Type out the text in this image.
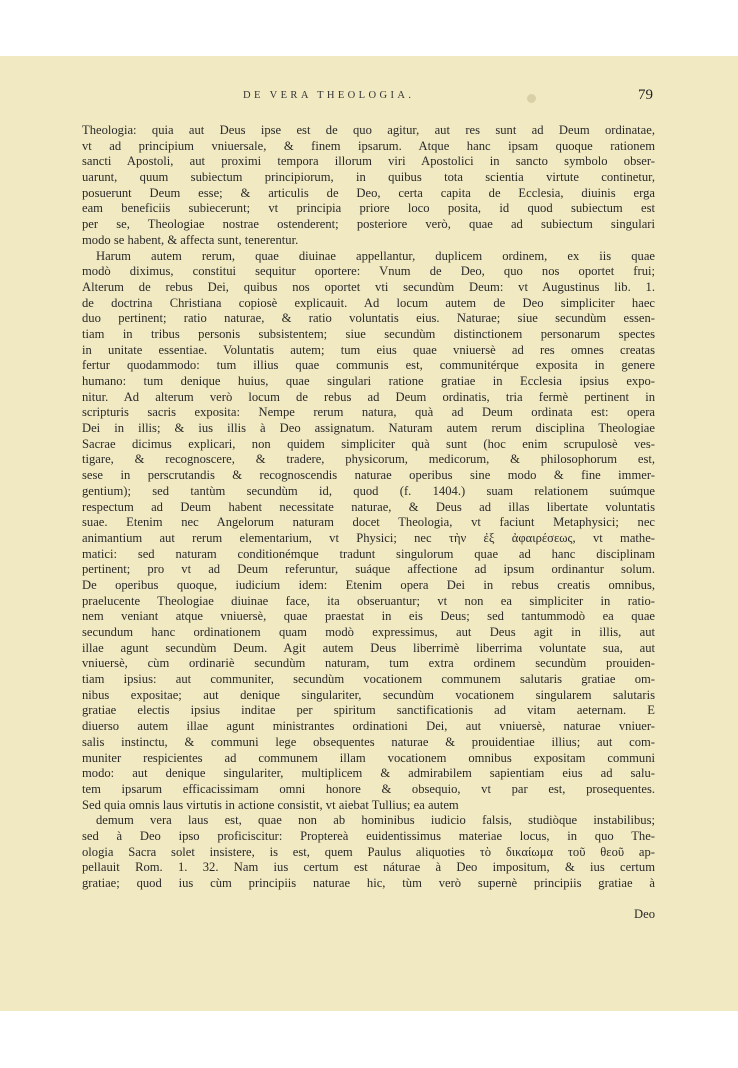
DE VERA THEOLOGIA.	79
Theologia: quia aut Deus ipse est de quo agitur, aut res sunt ad Deum ordinatae,
vt ad principium vniuersale, & finem ipsarum. Atque hanc ipsam quoque rationem
sancti Apostoli, aut proximi tempora illorum viri Apostolici in sancto symbolo obser-
uarunt, quum subiectum principiorum, in quibus tota scientia virtute continetur,
posuerunt Deum esse; & articulis de Deo, certa capita de Ecclesia, diuinis erga
eam beneficiis subiecerunt; vt principia priore loco posita, id quod subiectum est
per se, Theologiae nostrae ostenderent; posteriore verò, quae ad subiectum singulari
modo se habent, & affecta sunt, tenerentur.
Harum autem rerum, quae diuinae appellantur, duplicem ordinem, ex iis quae
modò diximus, constitui sequitur oportere: Vnum de Deo, quo nos oportet frui;
Alterum de rebus Dei, quibus nos oportet vti secundùm Deum: vt Augustinus lib. 1.
de doctrina Christiana copiosè explicauit. Ad locum autem de Deo simpliciter haec
duo pertinent; ratio naturae, & ratio voluntatis eius. Naturae; siue secundùm essen-
tiam in tribus personis subsistentem; siue secundùm distinctionem personarum spectes
in unitate essentiae. Voluntatis autem; tum eius quae vniuersè ad res omnes creatas
fertur quodammodo: tum illius quae communis est, communitérque exposita in genere
humano: tum denique huius, quae singulari ratione gratiae in Ecclesia ipsius expo-
nitur. Ad alterum verò locum de rebus ad Deum ordinatis, tria fermè pertinent in
scripturis sacris exposita: Nempe rerum natura, quà ad Deum ordinata est: opera
Dei in illis; & ius illis à Deo assignatum. Naturam autem rerum disciplina Theologiae
Sacrae dicimus explicari, non quidem simpliciter quà sunt (hoc enim scrupulosè ves-
tigare, & recognoscere, & tradere, physicorum, medicorum, & philosophorum est,
sese in perscrutandis & recognoscendis naturae operibus sine modo & fine immer-
gentium); sed tantùm secundùm id, quod (f. 1404.) suam relationem suúmque
respectum ad Deum habent necessitate naturae, & Deus ad illas libertate voluntatis
suae. Etenim nec Angelorum naturam docet Theologia, vt faciunt Metaphysici; nec
animantium aut rerum elementarium, vt Physici; nec τὴν ἐξ ἀφαιρέσεως, vt mathe-
matici: sed naturam conditionémque tradunt singulorum quae ad hanc disciplinam
pertinent; pro vt ad Deum referuntur, suáque affectione ad ipsum ordinantur solum.
De operibus quoque, iudicium idem: Etenim opera Dei in rebus creatis omnibus,
praelucente Theologiae diuinae face, ita obseruantur; vt non ea simpliciter in ratio-
nem veniant atque vniuersè, quae praestat in eis Deus; sed tantummodò ea quae
secundum hanc ordinationem quam modò expressimus, aut Deus agit in illis, aut
illae agunt secundùm Deum. Agit autem Deus liberrimè liberrima voluntate sua, aut
vniuersè, cùm ordinariè secundùm naturam, tum extra ordinem secundùm prouiden-
tiam ipsius: aut communiter, secundùm vocationem communem salutaris gratiae om-
nibus expositae; aut denique singulariter, secundùm vocationem singularem salutaris
gratiae electis ipsius inditae per spiritum sanctificationis ad vitam aeternam. E
diuerso autem illae agunt ministrantes ordinationi Dei, aut vniuersè, naturae vniuer-
salis instinctu, & communi lege obsequentes naturae & prouidentiae illius; aut com-
muniter respicientes ad communem illam vocationem omnibus expositam communi
modo: aut denique singulariter, multiplicem & admirabilem sapientiam eius ad salu-
tem ipsarum efficacissimam omni honore & obsequio, vt par est, prosequentes.
Sed quia omnis laus virtutis in actione consistit, vt aiebat Tullius; ea autem
demum vera laus est, quae non ab hominibus iudicio falsis, studiòque instabilibus;
sed à Deo ipso proficiscitur: Proptereà euidentissimus materiae locus, in quo The-
ologia Sacra solet insistere, is est, quem Paulus aliquoties τὸ δικαίωμα τοῦ θεοῦ ap-
pellauit Rom. 1. 32. Nam ius certum est náturae à Deo impositum, & ius certum
gratiae; quod ius cùm principiis naturae hic, tùm verò supernè principiis gratiae à
Deo
